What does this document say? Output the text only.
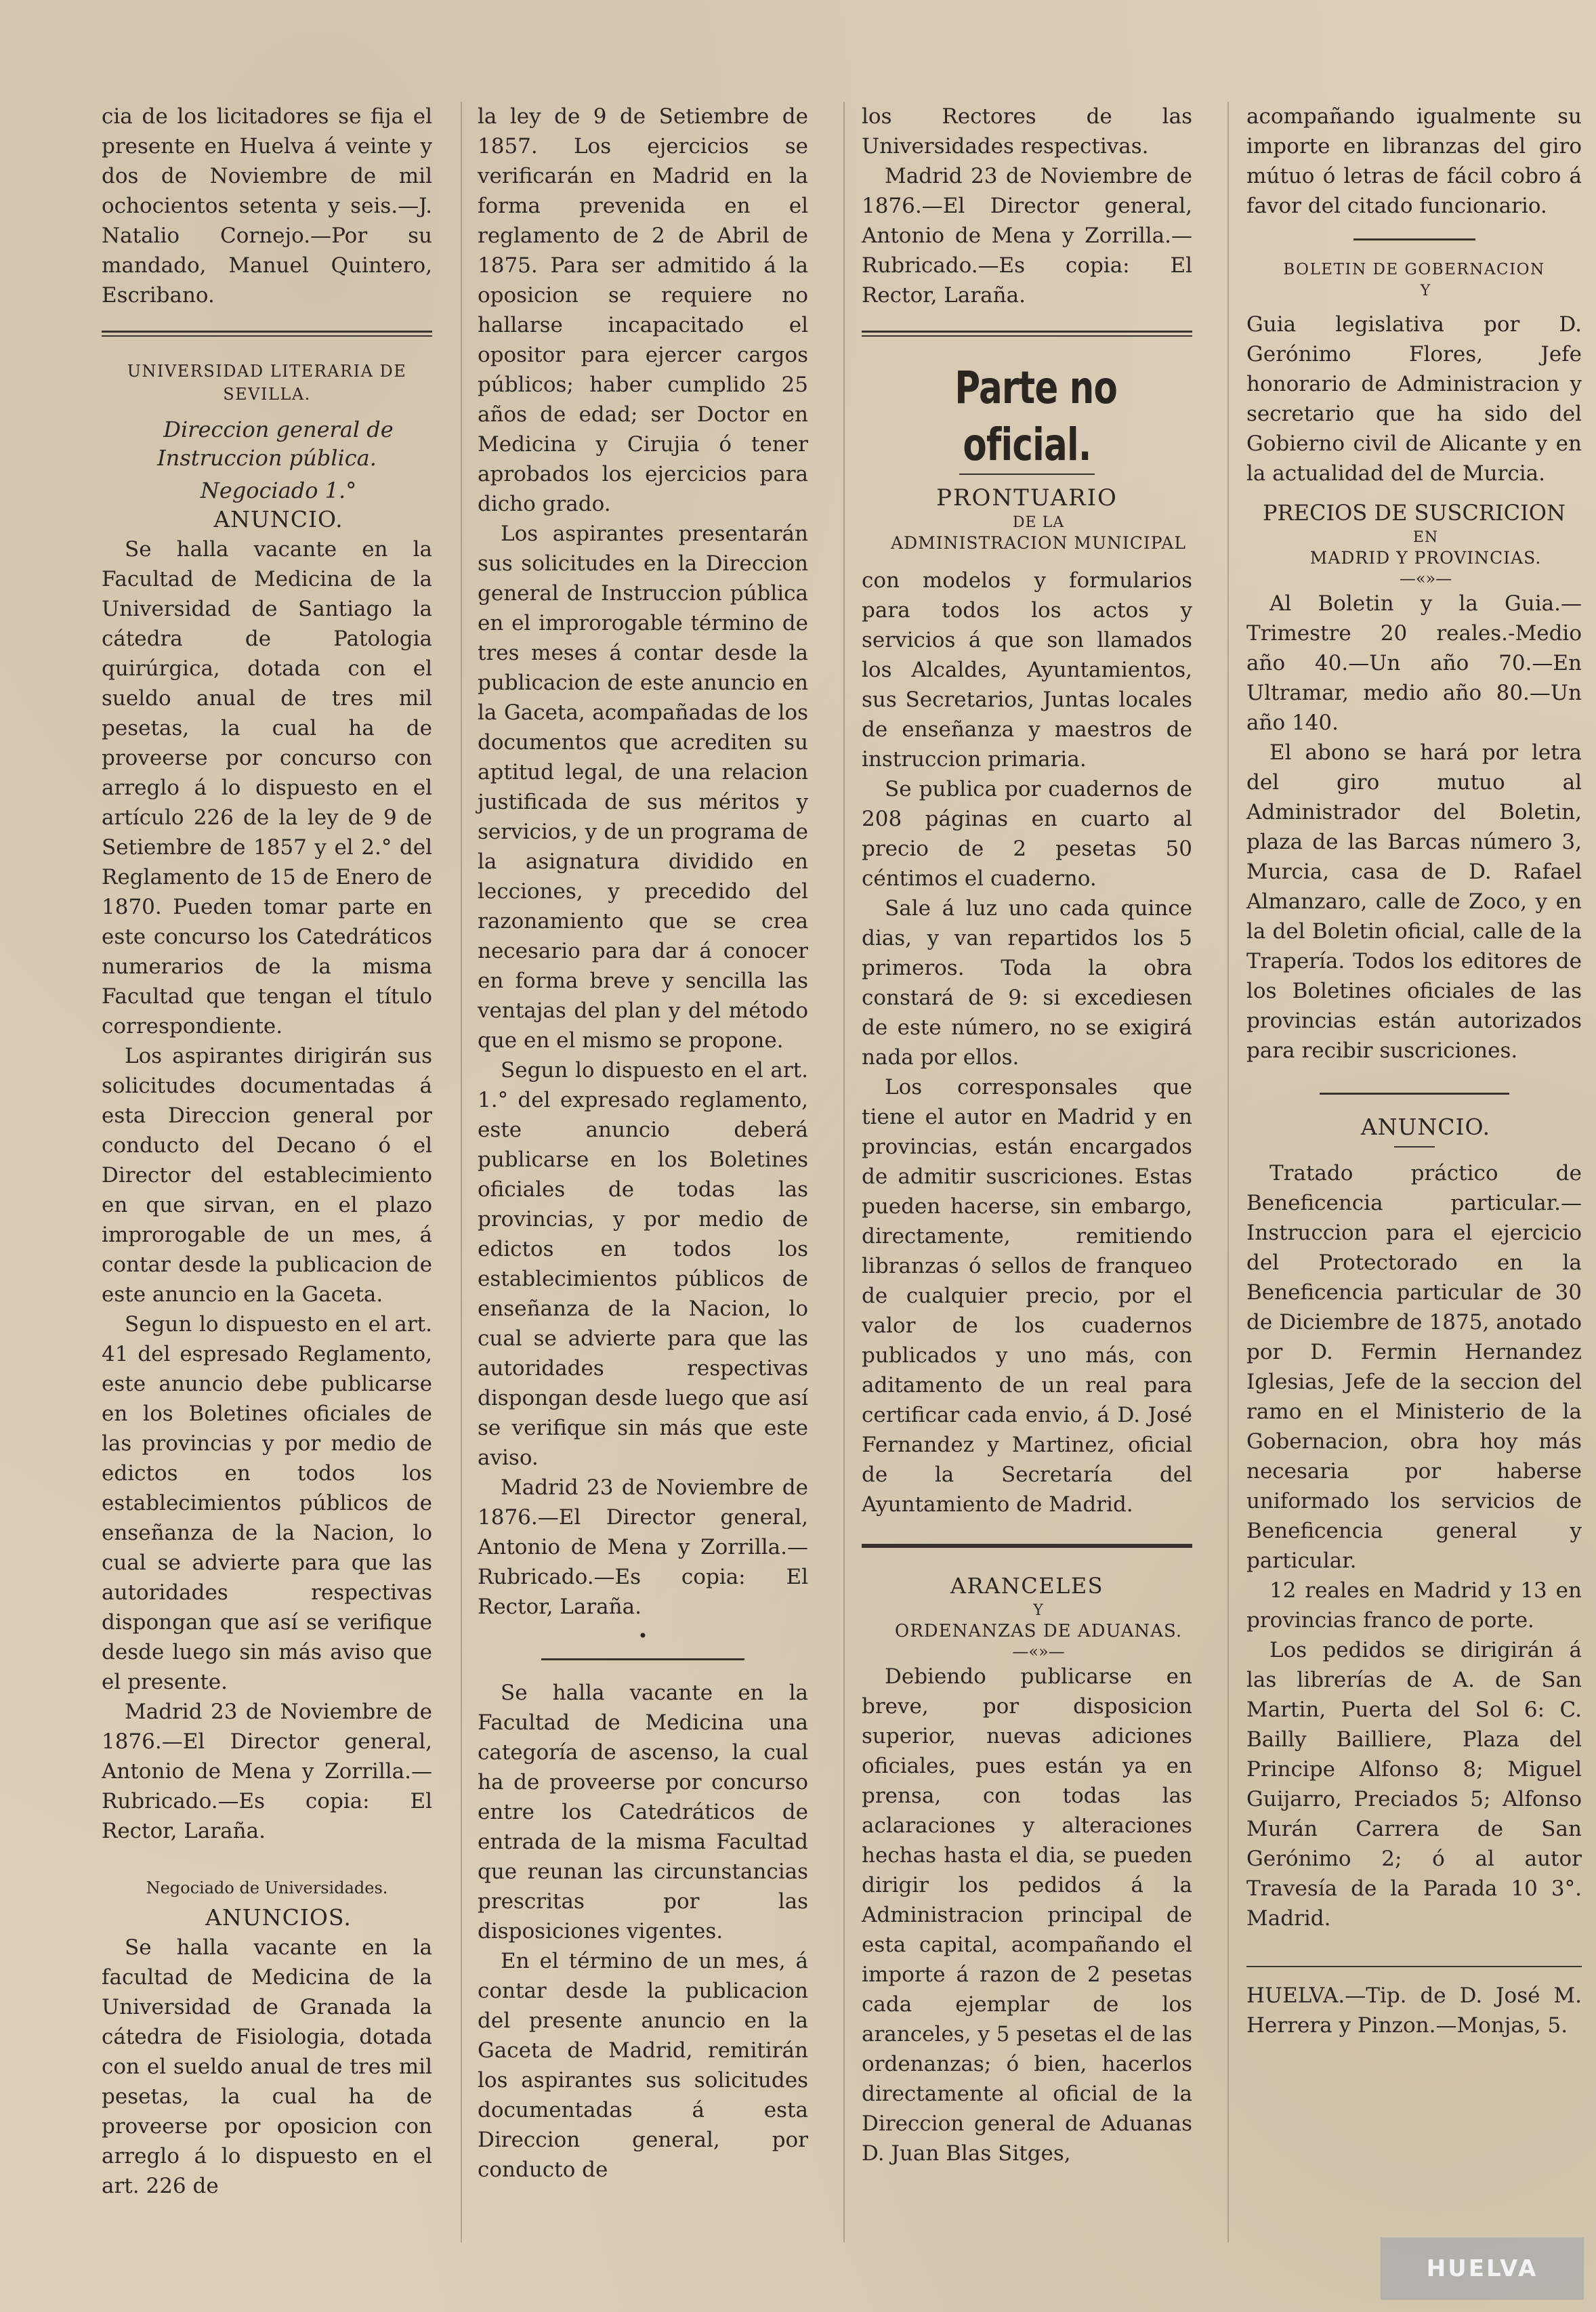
cia de los licitadores se fija el presente en Huelva á veinte y dos de Noviembre de mil ochocientos setenta y seis.—J. Natalio Cornejo.—Por su mandado, Manuel Quintero, Escribano.

UNIVERSIDAD LITERARIA DE SEVILLA.

Direccion general de Instruccion pública.

Negociado 1.°

ANUNCIO.

Se halla vacante en la Facultad de Medicina de la Universidad de Santiago la cátedra de Patologia quirúrgica, dotada con el sueldo anual de tres mil pesetas, la cual ha de proveerse por concurso con arreglo á lo dispuesto en el artículo 226 de la ley de 9 de Setiembre de 1857 y el 2.° del Reglamento de 15 de Enero de 1870. Pueden tomar parte en este concurso los Catedráticos numerarios de la misma Facultad que tengan el título correspondiente.

Los aspirantes dirigirán sus solicitudes documentadas á esta Direccion general por conducto del Decano ó el Director del establecimiento en que sirvan, en el plazo improrogable de un mes, á contar desde la publicacion de este anuncio en la Gaceta.

Segun lo dispuesto en el art. 41 del espresado Reglamento, este anuncio debe publicarse en los Boletines oficiales de las provincias y por medio de edictos en todos los establecimientos públicos de enseñanza de la Nacion, lo cual se advierte para que las autoridades respectivas dispongan que así se verifique desde luego sin más aviso que el presente.

Madrid 23 de Noviembre de 1876.—El Director general, Antonio de Mena y Zorrilla.—Rubricado.—Es copia: El Rector, Laraña.

Negociado de Universidades.

ANUNCIOS.

Se halla vacante en la facultad de Medicina de la Universidad de Granada la cátedra de Fisiologia, dotada con el sueldo anual de tres mil pesetas, la cual ha de proveerse por oposicion con arreglo á lo dispuesto en el art. 226 de

la ley de 9 de Setiembre de 1857. Los ejercicios se verificarán en Madrid en la forma prevenida en el reglamento de 2 de Abril de 1875. Para ser admitido á la oposicion se requiere no hallarse incapacitado el opositor para ejercer cargos públicos; haber cumplido 25 años de edad; ser Doctor en Medicina y Cirujia ó tener aprobados los ejercicios para dicho grado.

Los aspirantes presentarán sus solicitudes en la Direccion general de Instruccion pública en el improrogable término de tres meses á contar desde la publicacion de este anuncio en la Gaceta, acompañadas de los documentos que acrediten su aptitud legal, de una relacion justificada de sus méritos y servicios, y de un programa de la asignatura dividido en lecciones, y precedido del razonamiento que se crea necesario para dar á conocer en forma breve y sencilla las ventajas del plan y del método que en el mismo se propone.

Segun lo dispuesto en el art. 1.° del expresado reglamento, este anuncio deberá publicarse en los Boletines oficiales de todas las provincias, y por medio de edictos en todos los establecimientos públicos de enseñanza de la Nacion, lo cual se advierte para que las autoridades respectivas dispongan desde luego que así se verifique sin más que este aviso.

Madrid 23 de Noviembre de 1876.—El Director general, Antonio de Mena y Zorrilla.—Rubricado.—Es copia: El Rector, Laraña.

•

Se halla vacante en la Facultad de Medicina una categoría de ascenso, la cual ha de proveerse por concurso entre los Catedráticos de entrada de la misma Facultad que reunan las circunstancias prescritas por las disposiciones vigentes.

En el término de un mes, á contar desde la publicacion del presente anuncio en la Gaceta de Madrid, remitirán los aspirantes sus solicitudes documentadas á esta Direccion general, por conducto de

los Rectores de las Universidades respectivas.

Madrid 23 de Noviembre de 1876.—El Director general, Antonio de Mena y Zorrilla.—Rubricado.—Es copia: El Rector, Laraña.

Parte no oficial.

PRONTUARIO

DE LA

ADMINISTRACION MUNICIPAL

con modelos y formularios para todos los actos y servicios á que son llamados los Alcaldes, Ayuntamientos, sus Secretarios, Juntas locales de enseñanza y maestros de instruccion primaria.

Se publica por cuadernos de 208 páginas en cuarto al precio de 2 pesetas 50 céntimos el cuaderno.

Sale á luz uno cada quince dias, y van repartidos los 5 primeros. Toda la obra constará de 9: si excediesen de este número, no se exigirá nada por ellos.

Los corresponsales que tiene el autor en Madrid y en provincias, están encargados de admitir suscriciones. Estas pueden hacerse, sin embargo, directamente, remitiendo libranzas ó sellos de franqueo de cualquier precio, por el valor de los cuadernos publicados y uno más, con aditamento de un real para certificar cada envio, á D. José Fernandez y Martinez, oficial de la Secretaría del Ayuntamiento de Madrid.

ARANCELES

Y

ORDENANZAS DE ADUANAS.

—«»—

Debiendo publicarse en breve, por disposicion superior, nuevas adiciones oficiales, pues están ya en prensa, con todas las aclaraciones y alteraciones hechas hasta el dia, se pueden dirigir los pedidos á la Administracion principal de esta capital, acompañando el importe á razon de 2 pesetas cada ejemplar de los aranceles, y 5 pesetas el de las ordenanzas; ó bien, hacerlos directamente al oficial de la Direccion general de Aduanas D. Juan Blas Sitges,

acompañando igualmente su importe en libranzas del giro mútuo ó letras de fácil cobro á favor del citado funcionario.

BOLETIN DE GOBERNACION

Y

Guia legislativa por D. Gerónimo Flores, Jefe honorario de Administracion y secretario que ha sido del Gobierno civil de Alicante y en la actualidad del de Murcia.

PRECIOS DE SUSCRICION

EN

MADRID Y PROVINCIAS.

—«»—

Al Boletin y la Guia.—Trimestre 20 reales.-Medio año 40.—Un año 70.—En Ultramar, medio año 80.—Un año 140.

El abono se hará por letra del giro mutuo al Administrador del Boletin, plaza de las Barcas número 3, Murcia, casa de D. Rafael Almanzaro, calle de Zoco, y en la del Boletin oficial, calle de la Trapería. Todos los editores de los Boletines oficiales de las provincias están autorizados para recibir suscriciones.

ANUNCIO.

Tratado práctico de Beneficencia particular.—Instruccion para el ejercicio del Protectorado en la Beneficencia particular de 30 de Diciembre de 1875, anotado por D. Fermin Hernandez Iglesias, Jefe de la seccion del ramo en el Ministerio de la Gobernacion, obra hoy más necesaria por haberse uniformado los servicios de Beneficencia general y particular.

12 reales en Madrid y 13 en provincias franco de porte.

Los pedidos se dirigirán á las librerías de A. de San Martin, Puerta del Sol 6: C. Bailly Bailliere, Plaza del Principe Alfonso 8; Miguel Guijarro, Preciados 5; Alfonso Murán Carrera de San Gerónimo 2; ó al autor Travesía de la Parada 10 3°. Madrid.

HUELVA.—Tip. de D. José M. Herrera y Pinzon.—Monjas, 5.

HUELVA
